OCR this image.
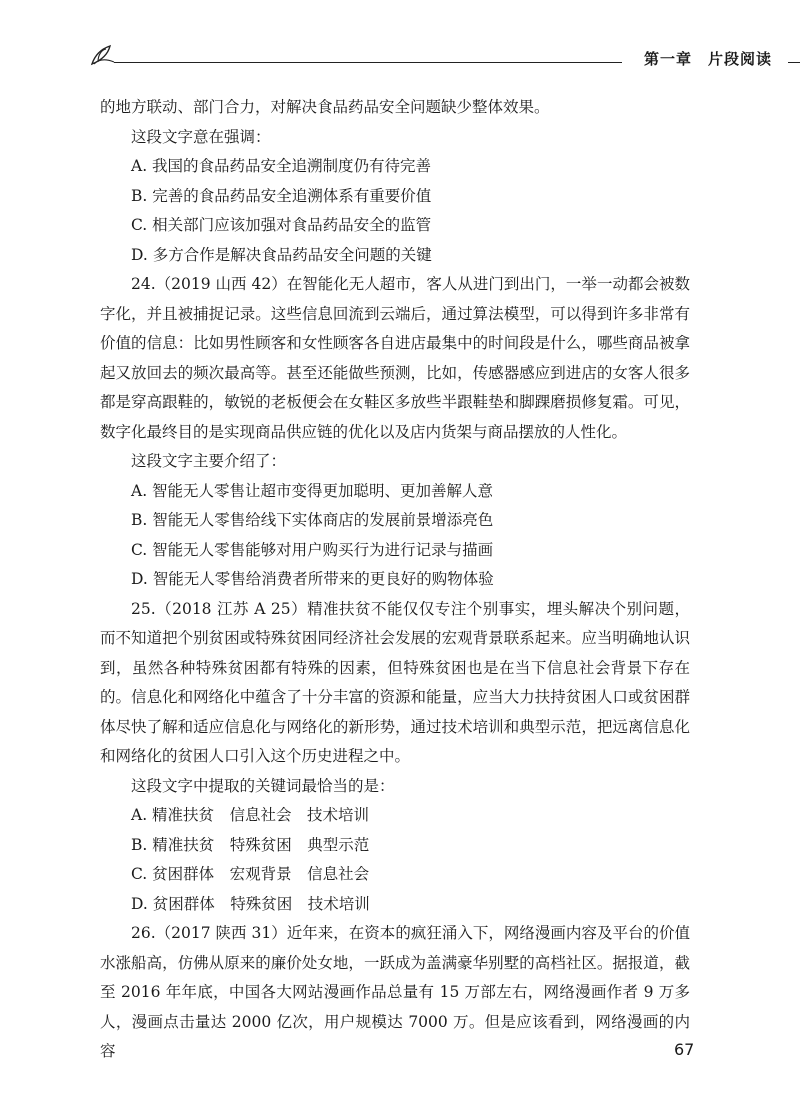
第一章　片段阅读

的地方联动、部门合力，对解决食品药品安全问题缺少整体效果。

这段文字意在强调：

A. 我国的食品药品安全追溯制度仍有待完善

B. 完善的食品药品安全追溯体系有重要价值

C. 相关部门应该加强对食品药品安全的监管

D. 多方合作是解决食品药品安全问题的关键

24.（2019 山西 42）在智能化无人超市，客人从进门到出门，一举一动都会被数字化，并且被捕捉记录。这些信息回流到云端后，通过算法模型，可以得到许多非常有价值的信息：比如男性顾客和女性顾客各自进店最集中的时间段是什么，哪些商品被拿起又放回去的频次最高等。甚至还能做些预测，比如，传感器感应到进店的女客人很多都是穿高跟鞋的，敏锐的老板便会在女鞋区多放些半跟鞋垫和脚踝磨损修复霜。可见，数字化最终目的是实现商品供应链的优化以及店内货架与商品摆放的人性化。

这段文字主要介绍了：

A. 智能无人零售让超市变得更加聪明、更加善解人意

B. 智能无人零售给线下实体商店的发展前景增添亮色

C. 智能无人零售能够对用户购买行为进行记录与描画

D. 智能无人零售给消费者所带来的更良好的购物体验

25.（2018 江苏 A 25）精准扶贫不能仅仅专注个别事实，埋头解决个别问题，而不知道把个别贫困或特殊贫困同经济社会发展的宏观背景联系起来。应当明确地认识到，虽然各种特殊贫困都有特殊的因素，但特殊贫困也是在当下信息社会背景下存在的。信息化和网络化中蕴含了十分丰富的资源和能量，应当大力扶持贫困人口或贫困群体尽快了解和适应信息化与网络化的新形势，通过技术培训和典型示范，把远离信息化和网络化的贫困人口引入这个历史进程之中。

这段文字中提取的关键词最恰当的是：

A. 精准扶贫　信息社会　技术培训

B. 精准扶贫　特殊贫困　典型示范

C. 贫困群体　宏观背景　信息社会

D. 贫困群体　特殊贫困　技术培训

26.（2017 陕西 31）近年来，在资本的疯狂涌入下，网络漫画内容及平台的价值水涨船高，仿佛从原来的廉价处女地，一跃成为盖满豪华别墅的高档社区。据报道，截至 2016 年年底，中国各大网站漫画作品总量有 15 万部左右，网络漫画作者 9 万多人，漫画点击量达 2000 亿次，用户规模达 7000 万。但是应该看到，网络漫画的内容	67
